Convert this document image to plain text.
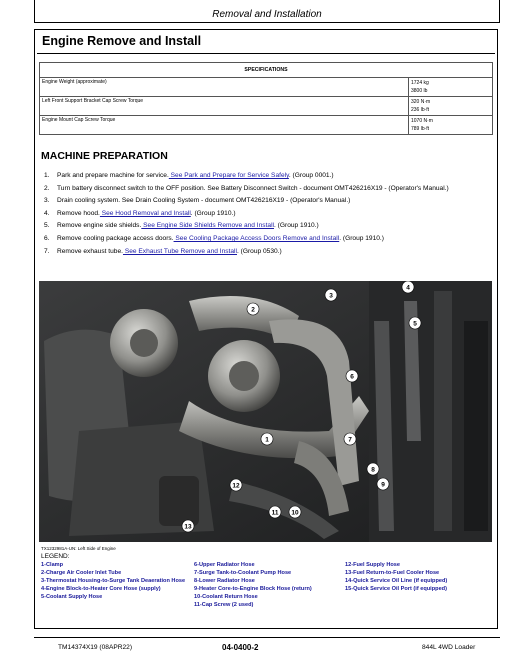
Removal and Installation
Engine Remove and Install
SPECIFICATIONS	
Engine Weight (approximate)	1724 kg
3800 lb

Left Front Support Bracket Cap Screw Torque	320 N·m
236 lb·ft

Engine Mount Cap Screw Torque	1070 N·m
789 lb·ft
MACHINE PREPARATION
1. Park and prepare machine for service. See Park and Prepare for Service Safely. (Group 0001.)
2. Turn battery disconnect switch to the OFF position. See Battery Disconnect Switch - document OMT426216X19 - (Operator's Manual.)
3. Drain cooling system. See Drain Cooling System - document OMT426216X19 - (Operator's Manual.)
4. Remove hood. See Hood Removal and Install. (Group 1910.)
5. Remove engine side shields. See Engine Side Shields Remove and Install. (Group 1910.)
6. Remove cooling package access doors. See Cooling Package Access Doors Remove and Install. (Group 1910.)
7. Remove exhaust tube. See Exhaust Tube Remove and Install. (Group 0530.)
1
2
3
4
5
6
7
9
8
10
11
12
13
TX1232981A-UN: Left Side of Engine
LEGEND:
1-Clamp
2-Charge Air Cooler Inlet Tube
3-Thermostat Housing-to-Surge Tank Deaeration Hose
4-Engine Block-to-Heater Core Hose (supply)
5-Coolant Supply Hose
6-Upper Radiator Hose
7-Surge Tank-to-Coolant Pump Hose
8-Lower Radiator Hose
9-Heater Core-to-Engine Block Hose (return)
10-Coolant Return Hose
11-Cap Screw (2 used)
12-Fuel Supply Hose
13-Fuel Return-to-Fuel Cooler Hose
14-Quick Service Oil Line (if equipped)
15-Quick Service Oil Port (if equipped)
TM14374X19 (08APR22)	04-0400-2	844L 4WD Loader
